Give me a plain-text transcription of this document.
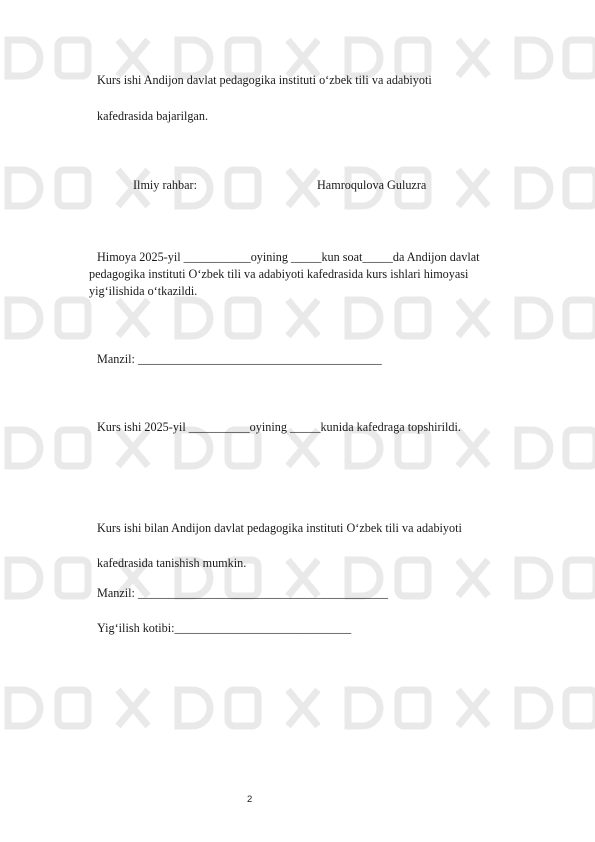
Kurs ishi Andijon davlat pedagogika instituti o‘zbek tili va adabiyoti
kafedrasida bajarilgan.
Ilmiy rahbar:	Hamroqulova Guluzra
Himoya 2025-yil ___________oyining _____kun soat_____da Andijon davlat
pedagogika instituti O‘zbek tili va adabiyoti kafedrasida kurs ishlari himoyasi
yig‘ilishida o‘tkazildi.
Manzil: ________________________________________
Kurs ishi 2025-yil __________oyining _____kunida kafedraga topshirildi.
Kurs ishi bilan Andijon davlat pedagogika instituti O‘zbek tili va adabiyoti
kafedrasida tanishish mumkin.
Manzil: _________________________________________
Yig‘ilish kotibi:_____________________________
2
